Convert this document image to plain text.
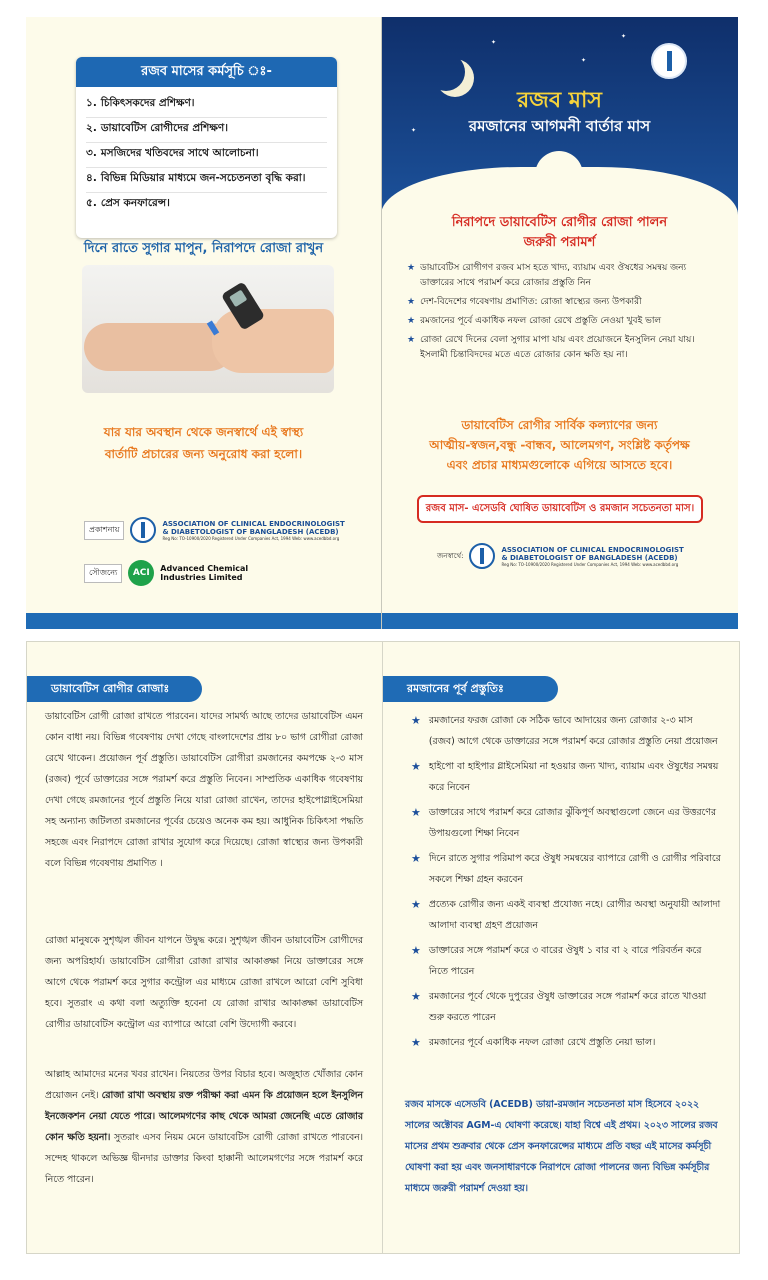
রজব মাসের কর্মসূচি ঃ-
১. চিকিৎসকদের প্রশিক্ষণ।
২. ডায়াবেটিস রোগীদের প্রশিক্ষণ।
৩. মসজিদের খতিবদের সাথে আলোচনা।
৪. বিভিন্ন মিডিয়ার মাধ্যমে জন-সচেতনতা বৃদ্ধি করা।
৫. প্রেস কনফারেন্স।
দিনে রাতে সুগার মাপুন, নিরাপদে রোজা রাখুন
যার যার অবস্থান থেকে জনস্বার্থে এই স্বাস্থ্য
বার্তাটি প্রচারের জন্য অনুরোধ করা হলো।
প্রকাশনায়
ASSOCIATION OF CLINICAL ENDOCRINOLOGIST
& DIABETOLOGIST OF BANGLADESH (ACEDB)
Reg No: TO-10900/2020 Registered Under Companies Act, 1994 Web: www.acedbbd.org
সৌজন্যে	ACI	Advanced Chemical
Industries Limited
✦
✦
✦
✦
রজব মাস
রমজানের আগমনী বার্তার মাস
নিরাপদে ডায়াবেটিস রোগীর রোজা পালন
জরুরী পরামর্শ
★ ডায়াবেটিস রোগীগণ রজব মাস হতে খাদ্য, ব্যায়াম এবং ঔষধের সমন্বয় জন্য ডাক্তারের সাথে পরামর্শ করে রোজার প্রস্তুতি নিন
★ দেশ-বিদেশের গবেষণায় প্রমাণিত: রোজা স্বাস্থ্যের জন্য উপকারী
★ রমজানের পূর্বে একাধিক নফল রোজা রেখে প্রস্তুতি নেওয়া খুবই ভাল
★ রোজা রেখে দিনের বেলা সুগার মাপা যায় এবং প্রয়োজনে ইনসুলিন নেয়া যায়। ইসলামী চিন্তাবিদদের মতে এতে রোজার কোন ক্ষতি হয় না।
ডায়াবেটিস রোগীর সার্বিক কল্যাণের জন্য
আত্মীয়-স্বজন,বন্ধু -বান্ধব, আলেমগণ, সংশ্লিষ্ট কর্তৃপক্ষ
এবং প্রচার মাধ্যমগুলোকে এগিয়ে আসতে হবে।
রজব মাস- এসেডবি ঘোষিত ডায়াবেটিস ও রমজান সচেতনতা মাস।
জনস্বার্থে:
ASSOCIATION OF CLINICAL ENDOCRINOLOGIST
& DIABETOLOGIST OF BANGLADESH (ACEDB)
Reg No: TO-10900/2020 Registered Under Companies Act, 1994 Web: www.acedbbd.org
ডায়াবেটিস রোগীর রোজাঃ

ডায়াবেটিস রোগী রোজা রাখতে পারবেন। যাদের সামর্থ্য আছে তাদের ডায়াবেটিস এমন কোন বাধা নয়। বিভিন্ন গবেষণায় দেখা গেছে বাংলাদেশের প্রায় ৮০ ভাগ রোগীরা রোজা রেখে থাকেন। প্রয়োজন পূর্ব প্রস্তুতি। ডায়াবেটিস রোগীরা রমজানের কমপক্ষে ২-৩ মাস (রজব) পূর্বে ডাক্তারের সঙ্গে পরামর্শ করে প্রস্তুতি নিবেন। সাম্প্রতিক একাধিক গবেষণায় দেখা গেছে রমজানের পূর্বে প্রস্তুতি নিয়ে যারা রোজা রাখেন, তাদের হাইপোগ্লাইসেমিয়া সহ অন্যান্য জটিলতা রমজানের পূর্বের চেয়েও অনেক কম হয়। আধুনিক চিকিৎসা পদ্ধতি সহজে এবং নিরাপদে রোজা রাখার সুযোগ করে দিয়েছে। রোজা স্বাস্থ্যের জন্য উপকারী বলে বিভিন্ন গবেষণায় প্রমাণিত ।

রোজা মানুষকে সুশৃঙ্খল জীবন যাপনে উদ্বুদ্ধ করে। সুশৃঙ্খল জীবন ডায়াবেটিস রোগীদের জন্য অপরিহার্য। ডায়াবেটিস রোগীরা রোজা রাখার আকাঙ্ক্ষা নিয়ে ডাক্তারের সঙ্গে আগে থেকে পরামর্শ করে সুগার কন্ট্রোল এর মাধ্যমে রোজা রাখলে আরো বেশি সুবিধা হবে। সুতরাং এ কথা বলা অত্যুক্তি হবেনা যে রোজা রাখার আকাঙ্ক্ষা ডায়াবেটিস রোগীর ডায়াবেটিস কন্ট্রোল এর ব্যাপারে আরো বেশি উদ্যোগী করবে।

আল্লাহ আমাদের মনের খবর রাখেন। নিয়তের উপর বিচার হবে। অজুহাত খোঁজার কোন প্রয়োজন নেই। রোজা রাখা অবস্থায় রক্ত পরীক্ষা করা এমন কি প্রয়োজন হলে ইনসুলিন ইনজেকশন নেয়া যেতে পারে। আলেমগণের কাছ থেকে আমরা জেনেছি এতে রোজার কোন ক্ষতি হয়না। সুতরাং এসব নিয়ম মেনে ডায়াবেটিস রোগী রোজা রাখতে পারবেন। সন্দেহ থাকলে অভিজ্ঞ দ্বীনদার ডাক্তার কিংবা হাক্কানী আলেমগণের সঙ্গে পরামর্শ করে নিতে পারেন।

রমজানের পূর্ব প্রস্তুতিঃ
★ রমজানের ফরজ রোজা কে সঠিক ভাবে আদায়ের জন্য রোজার ২-৩ মাস (রজব) আগে থেকে ডাক্তারের সঙ্গে পরামর্শ করে রোজার প্রস্তুতি নেয়া প্রয়োজন
★ হাইপো বা হাইপার গ্লাইসেমিয়া না হওয়ার জন্য খাদ্য, ব্যায়াম এবং ঔষুধের সমন্বয় করে নিবেন
★ ডাক্তারের সাথে পরামর্শ করে রোজার ঝুঁকিপূর্ণ অবস্থাগুলো জেনে এর উত্তরণের উপায়গুলো শিক্ষা নিবেন
★ দিনে রাতে সুগার পরিমাপ করে ঔষুধ সমন্বয়ের ব্যাপারে রোগী ও রোগীর পরিবারে সকলে শিক্ষা গ্রহন করবেন
★ প্রত্যেক রোগীর জন্য একই ব্যবস্থা প্রযোজ্য নহে। রোগীর অবস্থা অনুযায়ী আলাদা আলাদা ব্যবস্থা গ্রহণ প্রয়োজন
★ ডাক্তারের সঙ্গে পরামর্শ করে ৩ বারের ঔষুধ ১ বার বা ২ বারে পরিবর্তন করে নিতে পারেন
★ রমজানের পূর্বে থেকে দুপুরের ঔষুধ ডাক্তারের সঙ্গে পরামর্শ করে রাতে খাওয়া শুরু করতে পারেন
★ রমজানের পূর্বে একাধিক নফল রোজা রেখে প্রস্তুতি নেয়া ভাল।

রজব মাসকে এসেডবি (ACEDB) ডায়া-রমজান সচেতনতা মাস হিসেবে ২০২২ সালের অক্টোবর AGM-এ ঘোষণা করেছে। যাহা বিশ্বে এই প্রথম। ২০২৩ সালের রজব মাসের প্রথম শুক্রবার থেকে প্রেস কনফারেন্সের মাধ্যমে প্রতি বছর এই মাসের কর্মসূচী ঘোষণা করা হয় এবং জনসাধারণকে নিরাপদে রোজা পালনের জন্য বিভিন্ন কর্মসূচীর মাধ্যমে জরুরী পরামর্শ দেওয়া হয়।
